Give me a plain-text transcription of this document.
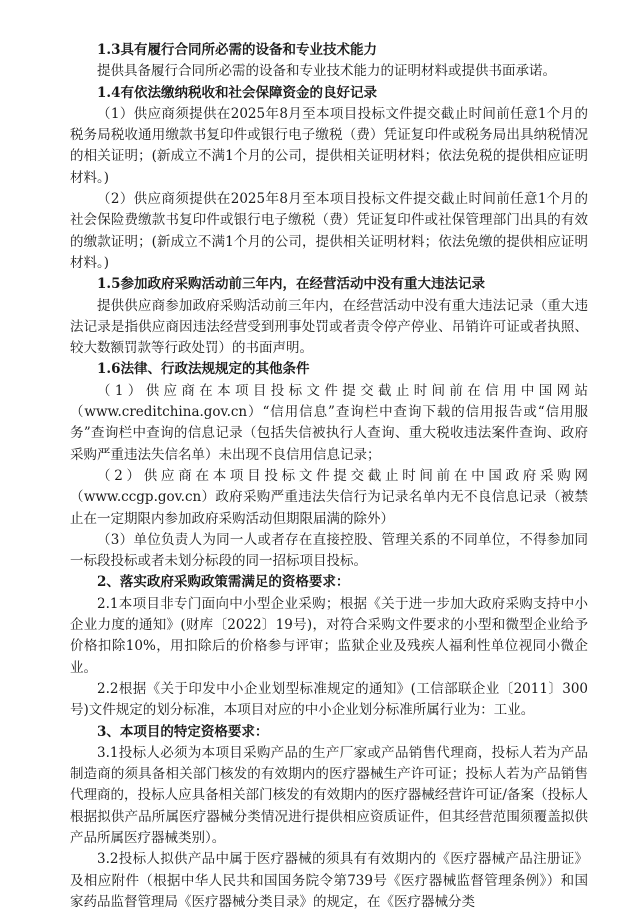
1.3具有履行合同所必需的设备和专业技术能力

提供具备履行合同所必需的设备和专业技术能力的证明材料或提供书面承诺。

1.4有依法缴纳税收和社会保障资金的良好记录

（1）供应商须提供在2025年8月至本项目投标文件提交截止时间前任意1个月的税务局税收通用缴款书复印件或银行电子缴税（费）凭证复印件或税务局出具纳税情况的相关证明；(新成立不满1个月的公司，提供相关证明材料；依法免税的提供相应证明材料。)

（2）供应商须提供在2025年8月至本项目投标文件提交截止时间前任意1个月的社会保险费缴款书复印件或银行电子缴税（费）凭证复印件或社保管理部门出具的有效的缴款证明；(新成立不满1个月的公司，提供相关证明材料；依法免缴的提供相应证明材料。)

1.5参加政府采购活动前三年内，在经营活动中没有重大违法记录

提供供应商参加政府采购活动前三年内，在经营活动中没有重大违法记录（重大违法记录是指供应商因违法经营受到刑事处罚或者责令停产停业、吊销许可证或者执照、较大数额罚款等行政处罚）的书面声明。

1.6法律、行政法规规定的其他条件

（1）供应商在本项目投标文件提交截止时间前在信用中国网站（www.creditchina.gov.cn）“信用信息”查询栏中查询下载的信用报告或“信用服务”查询栏中查询的信息记录（包括失信被执行人查询、重大税收违法案件查询、政府采购严重违法失信名单）未出现不良信用信息记录；

（2）供应商在本项目投标文件提交截止时间前在中国政府采购网（www.ccgp.gov.cn）政府采购严重违法失信行为记录名单内无不良信息记录（被禁止在一定期限内参加政府采购活动但期限届满的除外）

（3）单位负责人为同一人或者存在直接控股、管理关系的不同单位，不得参加同一标段投标或者未划分标段的同一招标项目投标。

2、落实政府采购政策需满足的资格要求：

2.1本项目非专门面向中小型企业采购；根据《关于进一步加大政府采购支持中小企业力度的通知》(财库〔2022〕19号)，对符合采购文件要求的小型和微型企业给予价格扣除10%，用扣除后的价格参与评审；监狱企业及残疾人福利性单位视同小微企业。

2.2根据《关于印发中小企业划型标准规定的通知》(工信部联企业〔2011〕300号)文件规定的划分标准，本项目对应的中小企业划分标准所属行业为：工业。

3、本项目的特定资格要求：

3.1投标人必须为本项目采购产品的生产厂家或产品销售代理商，投标人若为产品制造商的须具备相关部门核发的有效期内的医疗器械生产许可证；投标人若为产品销售代理商的，投标人应具备相关部门核发的有效期内的医疗器械经营许可证/备案（投标人根据拟供产品所属医疗器械分类情况进行提供相应资质证件，但其经营范围须覆盖拟供产品所属医疗器械类别）。

3.2投标人拟供产品中属于医疗器械的须具有有效期内的《医疗器械产品注册证》及相应附件（根据中华人民共和国国务院令第739号《医疗器械监督管理条例》）和国家药品监督管理局《医疗器械分类目录》的规定，在《医疗器械分类
